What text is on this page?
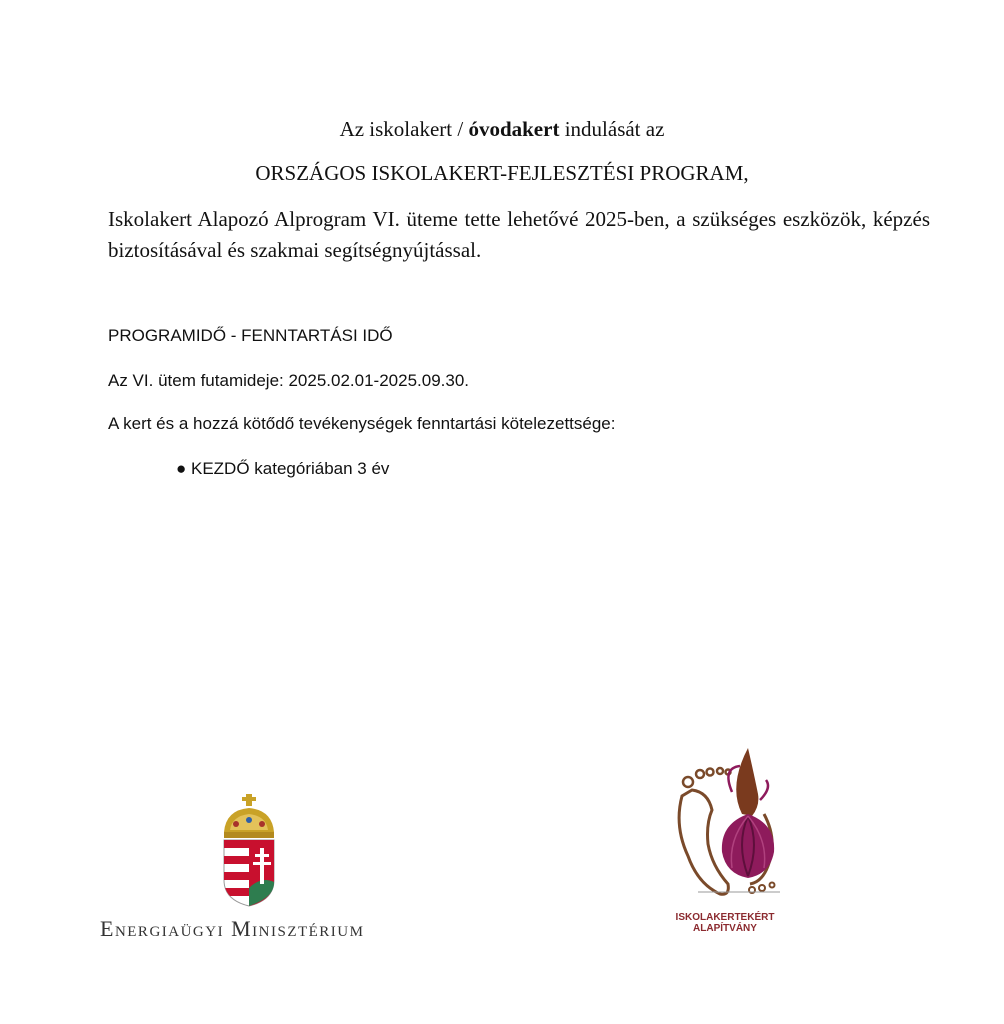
Az iskolakert / óvodakert indulását az
ORSZÁGOS ISKOLAKERT-FEJLESZTÉSI PROGRAM,
Iskolakert Alapozó Alprogram VI. üteme tette lehetővé 2025-ben, a szükséges eszközök, képzés biztosításával és szakmai segítségnyújtással.
PROGRAMIDŐ - FENNTARTÁSI IDŐ
Az VI. ütem futamideje: 2025.02.01-2025.09.30.
A kert és a hozzá kötődő tevékenységek fenntartási kötelezettsége:
● KEZDŐ kategóriában 3 év
Energiaügyi Minisztérium	ISKOLAKERTEKÉRT
ALAPÍTVÁNY
